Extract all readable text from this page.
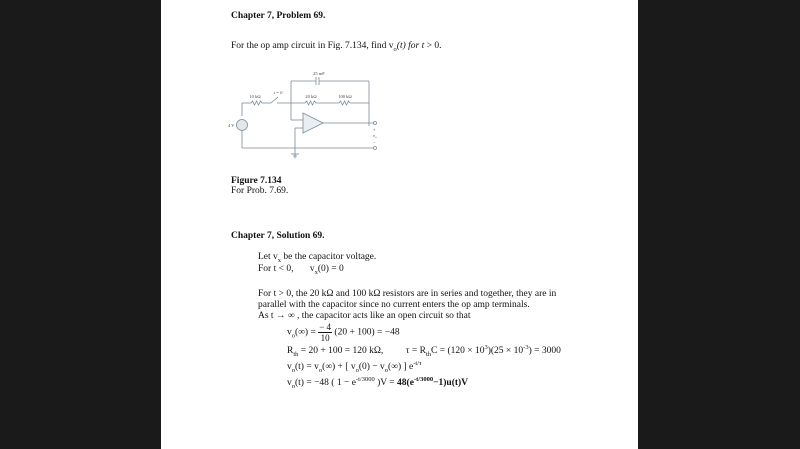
Chapter 7, Problem 69.
For the op amp circuit in Fig. 7.134, find $v_o(t)$ for t > 0.
25 mF
10 kΩ
t = 0
20 kΩ	100 kΩ
4 V
+
v o
−
Figure 7.134
For Prob. 7.69.
Chapter 7, Solution 69.
Let $v_x$ be the capacitor voltage.
For t < 0, $v_x(0) = 0$
For t > 0, the 20 kΩ and 100 kΩ resistors are in series and together, they are in
parallel with the capacitor since no current enters the op amp terminals.
As t → ∞ , the capacitor acts like an open circuit so that
$v_o(\infty) = \frac{- 4}{10} (20 + 100) = -48$
$R_{th} = 20 + 100 = 120$ kΩ, $\tau = R_{th}C = (120 \times 10^3)(25 \times 10^{-3}) = 3000$
$v_o(t) = v_o(\infty)$ + [ $v_o(0) - v_o(\infty)$ ] $e^{-t/\tau}$
$v_o(t) = -48$ ( $1 - e^{-t/3000}$ )$V = 48(e^{-t/3000}-1)u(t)V$
